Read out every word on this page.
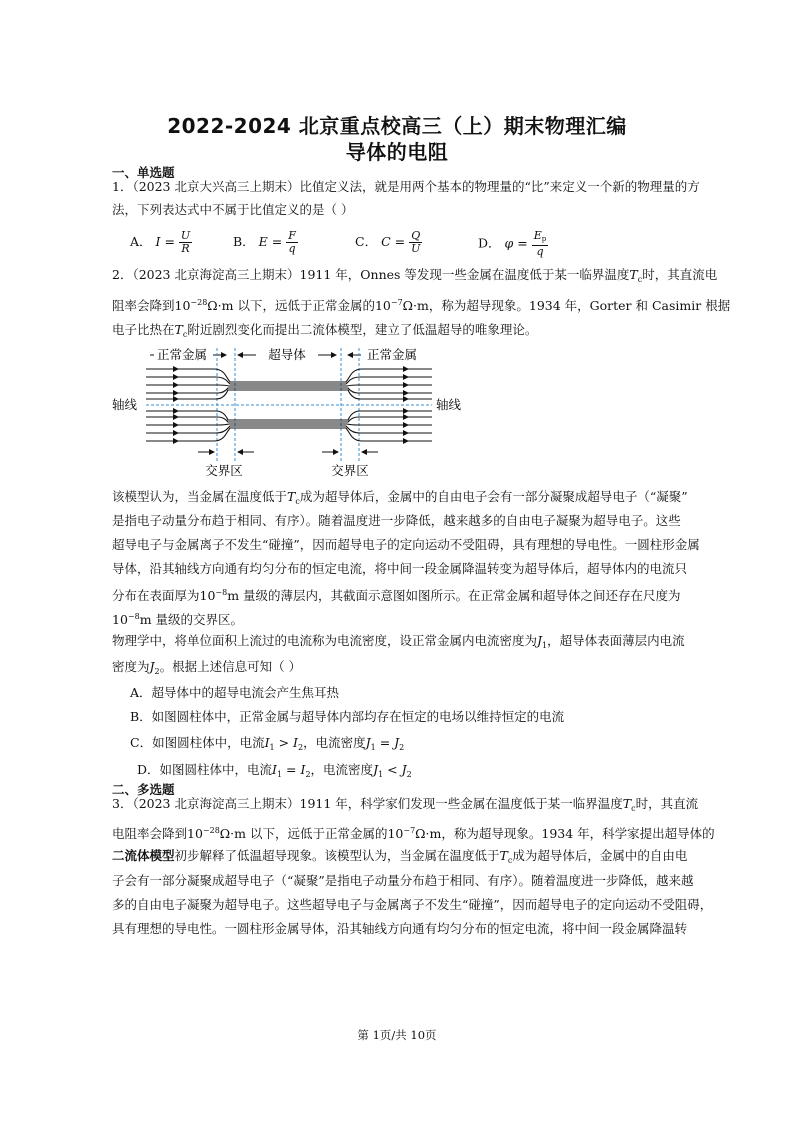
2022-2024 北京重点校高三（上）期末物理汇编
导体的电阻
一、单选题
1．（2023 北京大兴高三上期末）比值定义法，就是用两个基本的物理量的“比”来定义一个新的物理量的方
法，下列表达式中不属于比值定义的是（ ）
A． $I = \frac{U}{R}$	B． $E = \frac{F}{q}$	C． $C = \frac{Q}{U}$	D． $\varphi = \frac{Ep}{q}$
2．（2023 北京海淀高三上期末）1911 年，Onnes 等发现一些金属在温度低于某一临界温度$T_c$时，其直流电
阻率会降到$10^{-28}\Omega\cdot m$ 以下，远低于正常金属的$10^{-7}\Omega\cdot m$，称为超导现象。1934 年，Gorter 和 Casimir 根据
电子比热在$T_c$附近剧烈变化而提出二流体模型，建立了低温超导的唯象理论。
正常金属	超导体	正常金属
轴线	轴线
交界区	交界区
该模型认为，当金属在温度低于$T_c$成为超导体后，金属中的自由电子会有一部分凝聚成超导电子（“凝聚”
是指电子动量分布趋于相同、有序）。随着温度进一步降低，越来越多的自由电子凝聚为超导电子。这些
超导电子与金属离子不发生“碰撞”，因而超导电子的定向运动不受阻碍，具有理想的导电性。一圆柱形金属
导体，沿其轴线方向通有均匀分布的恒定电流，将中间一段金属降温转变为超导体后，超导体内的电流只
分布在表面厚为$10^{-8}m$ 量级的薄层内，其截面示意图如图所示。在正常金属和超导体之间还存在尺度为
$10^{-8}m$ 量级的交界区。
物理学中，将单位面积上流过的电流称为电流密度，设正常金属内电流密度为$J_1$，超导体表面薄层内电流
密度为$J_2$。根据上述信息可知（ ）
A．超导体中的超导电流会产生焦耳热
B．如图圆柱体中，正常金属与超导体内部均存在恒定的电场以维持恒定的电流
C．如图圆柱体中，电流$I_1 > I_2$，电流密度$J_1 = J_2$
D．如图圆柱体中，电流$I_1 = I_2$，电流密度$J_1 < J_2$
二、多选题
3．（2023 北京海淀高三上期末）1911 年，科学家们发现一些金属在温度低于某一临界温度$T_c$时，其直流
电阻率会降到$10^{-28}\Omega\cdot m$ 以下，远低于正常金属的$10^{-7}\Omega\cdot m$，称为超导现象。1934 年，科学家提出超导体的
二流体模型初步解释了低温超导现象。该模型认为，当金属在温度低于$T_c$成为超导体后，金属中的自由电
子会有一部分凝聚成超导电子（“凝聚”是指电子动量分布趋于相同、有序）。随着温度进一步降低，越来越
多的自由电子凝聚为超导电子。这些超导电子与金属离子不发生“碰撞”，因而超导电子的定向运动不受阻碍，
具有理想的导电性。一圆柱形金属导体，沿其轴线方向通有均匀分布的恒定电流，将中间一段金属降温转
第 1页/共 10页
